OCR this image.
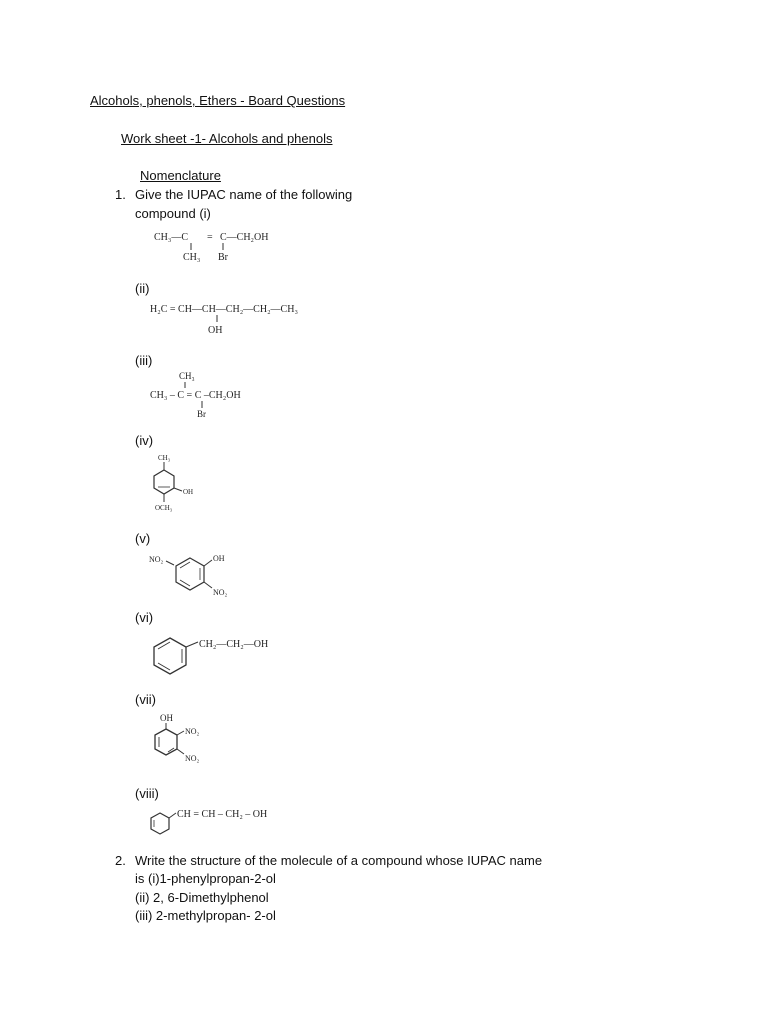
Alcohols, phenols, Ethers - Board Questions
Work sheet -1- Alcohols and phenols
Nomenclature
1. Give the IUPAC name of the following
compound (i)
CH₃—C = C—CH₂OH
CH₃ Br
(ii)
H₂C = CH—CH—CH₂—CH₂—CH₃
OH
(iii)
CH₃
CH₃ – C = C –CH₂OH
Br
(iv)
CH₃
OH
OCH₃
(v)
NO₂	OH
NO₂
(vi)
CH₂—CH₂—OH
(vii)
OH
NO₂
NO₂
(viii)
CH = CH – CH₂ – OH
2. Write the structure of the molecule of a compound whose IUPAC name
is (i)1-phenylpropan-2-ol
(ii) 2, 6-Dimethylphenol
(iii) 2-methylpropan- 2-ol
